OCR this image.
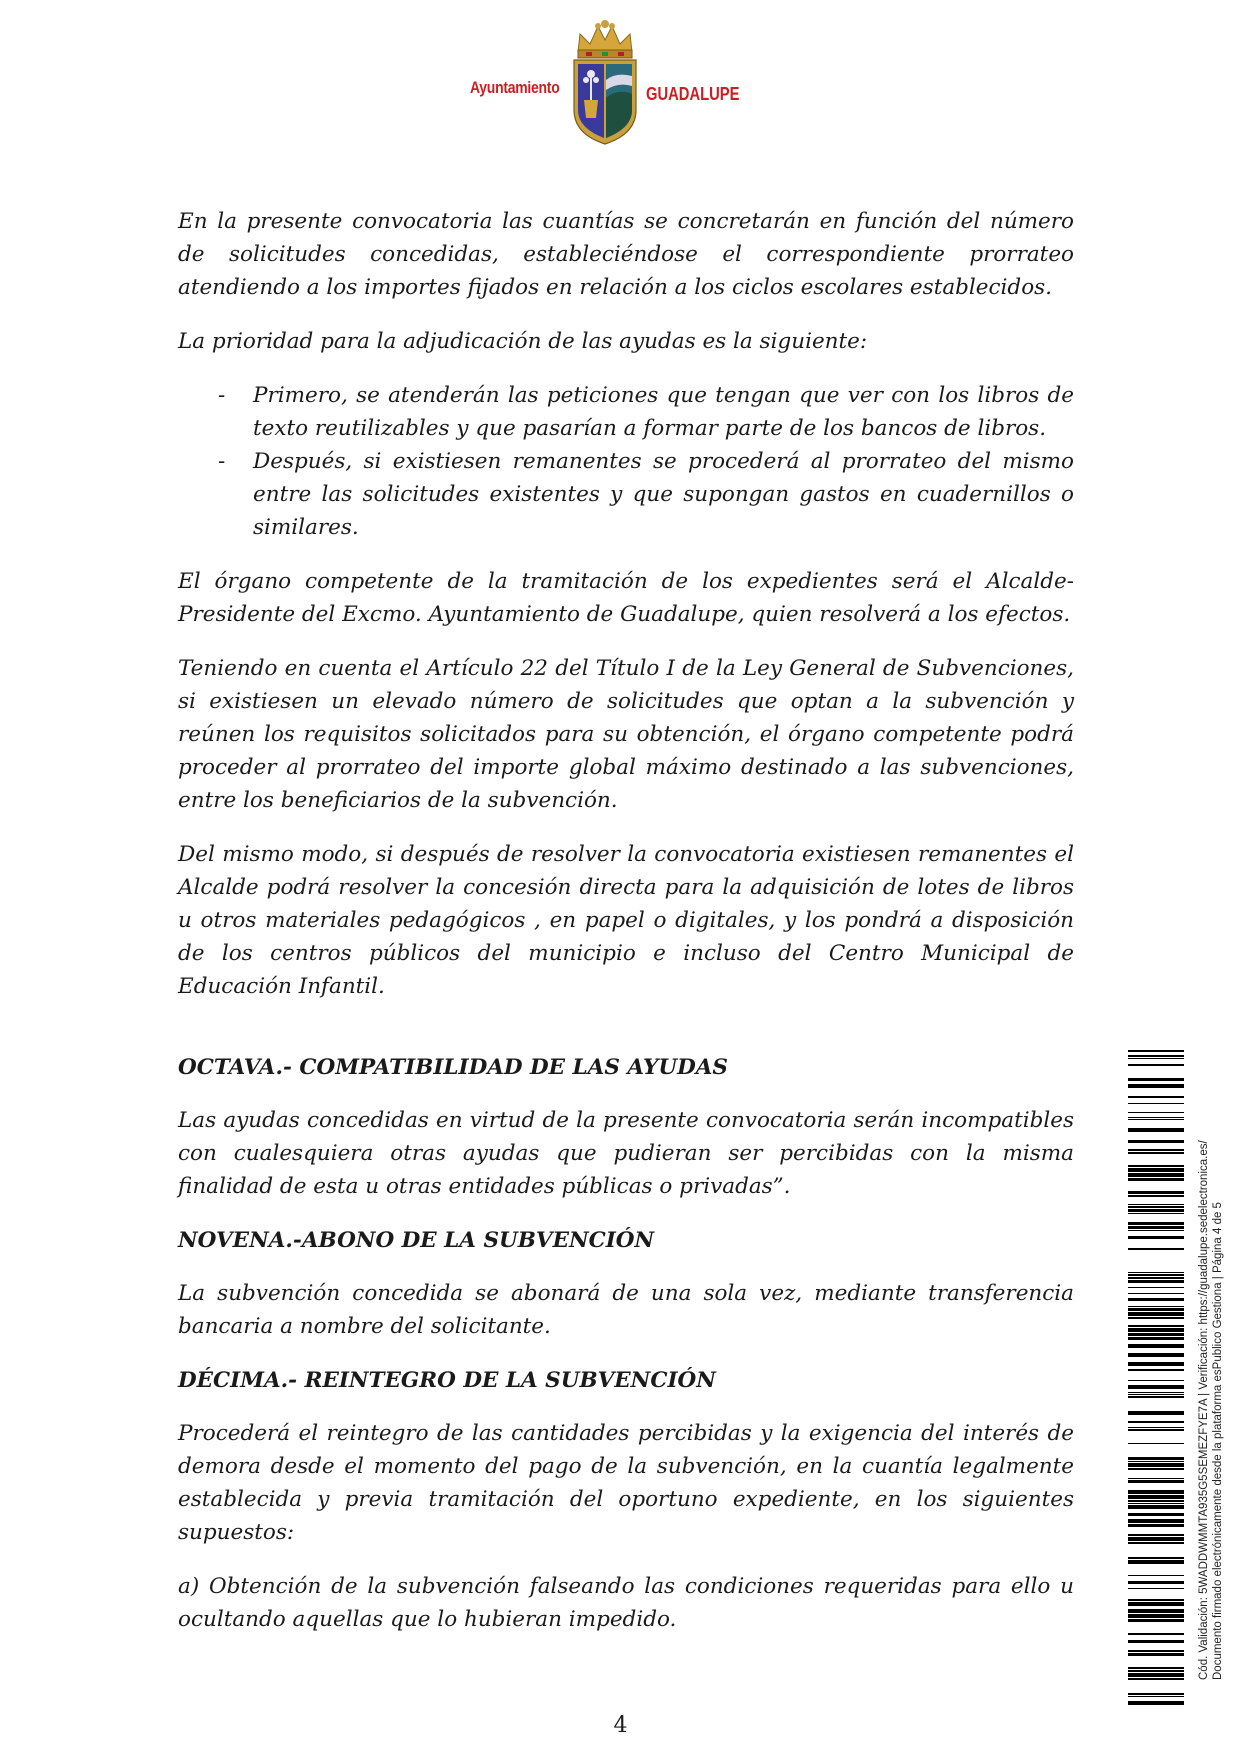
Ayuntamiento	GUADALUPE

En la presente convocatoria las cuantías se concretarán en función del número de solicitudes concedidas, estableciéndose el correspondiente prorrateo atendiendo a los importes fijados en relación a los ciclos escolares establecidos.

La prioridad para la adjudicación de las ayudas es la siguiente:

- Primero, se atenderán las peticiones que tengan que ver con los libros de texto reutilizables y que pasarían a formar parte de los bancos de libros.
- Después, si existiesen remanentes se procederá al prorrateo del mismo entre las solicitudes existentes y que supongan gastos en cuadernillos o similares.

El órgano competente de la tramitación de los expedientes será el Alcalde-Presidente del Excmo. Ayuntamiento de Guadalupe, quien resolverá a los efectos.

Teniendo en cuenta el Artículo 22 del Título I de la Ley General de Subvenciones, si existiesen un elevado número de solicitudes que optan a la subvención y reúnen los requisitos solicitados para su obtención, el órgano competente podrá proceder al prorrateo del importe global máximo destinado a las subvenciones, entre los beneficiarios de la subvención.

Del mismo modo, si después de resolver la convocatoria existiesen remanentes el Alcalde podrá resolver la concesión directa para la adquisición de lotes de libros u otros materiales pedagógicos , en papel o digitales, y los pondrá a disposición de los centros públicos del municipio e incluso del Centro Municipal de Educación Infantil.

OCTAVA.- COMPATIBILIDAD DE LAS AYUDAS

Las ayudas concedidas en virtud de la presente convocatoria serán incompatibles con cualesquiera otras ayudas que pudieran ser percibidas con la misma finalidad de esta u otras entidades públicas o privadas”.

NOVENA.-ABONO DE LA SUBVENCIÓN

La subvención concedida se abonará de una sola vez, mediante transferencia bancaria a nombre del solicitante.

DÉCIMA.- REINTEGRO DE LA SUBVENCIÓN

Procederá el reintegro de las cantidades percibidas y la exigencia del interés de demora desde el momento del pago de la subvención, en la cuantía legalmente establecida y previa tramitación del oportuno expediente, en los siguientes supuestos:

a) Obtención de la subvención falseando las condiciones requeridas para ello u ocultando aquellas que lo hubieran impedido.	Cód. Validación: 5WADDWMMTA935G5SEMEZFYE7A | Verificación: https://guadalupe.sedelectronica.es/ Documento firmado electrónicamente desde la plataforma esPublico Gestiona | Página 4 de 5
4
